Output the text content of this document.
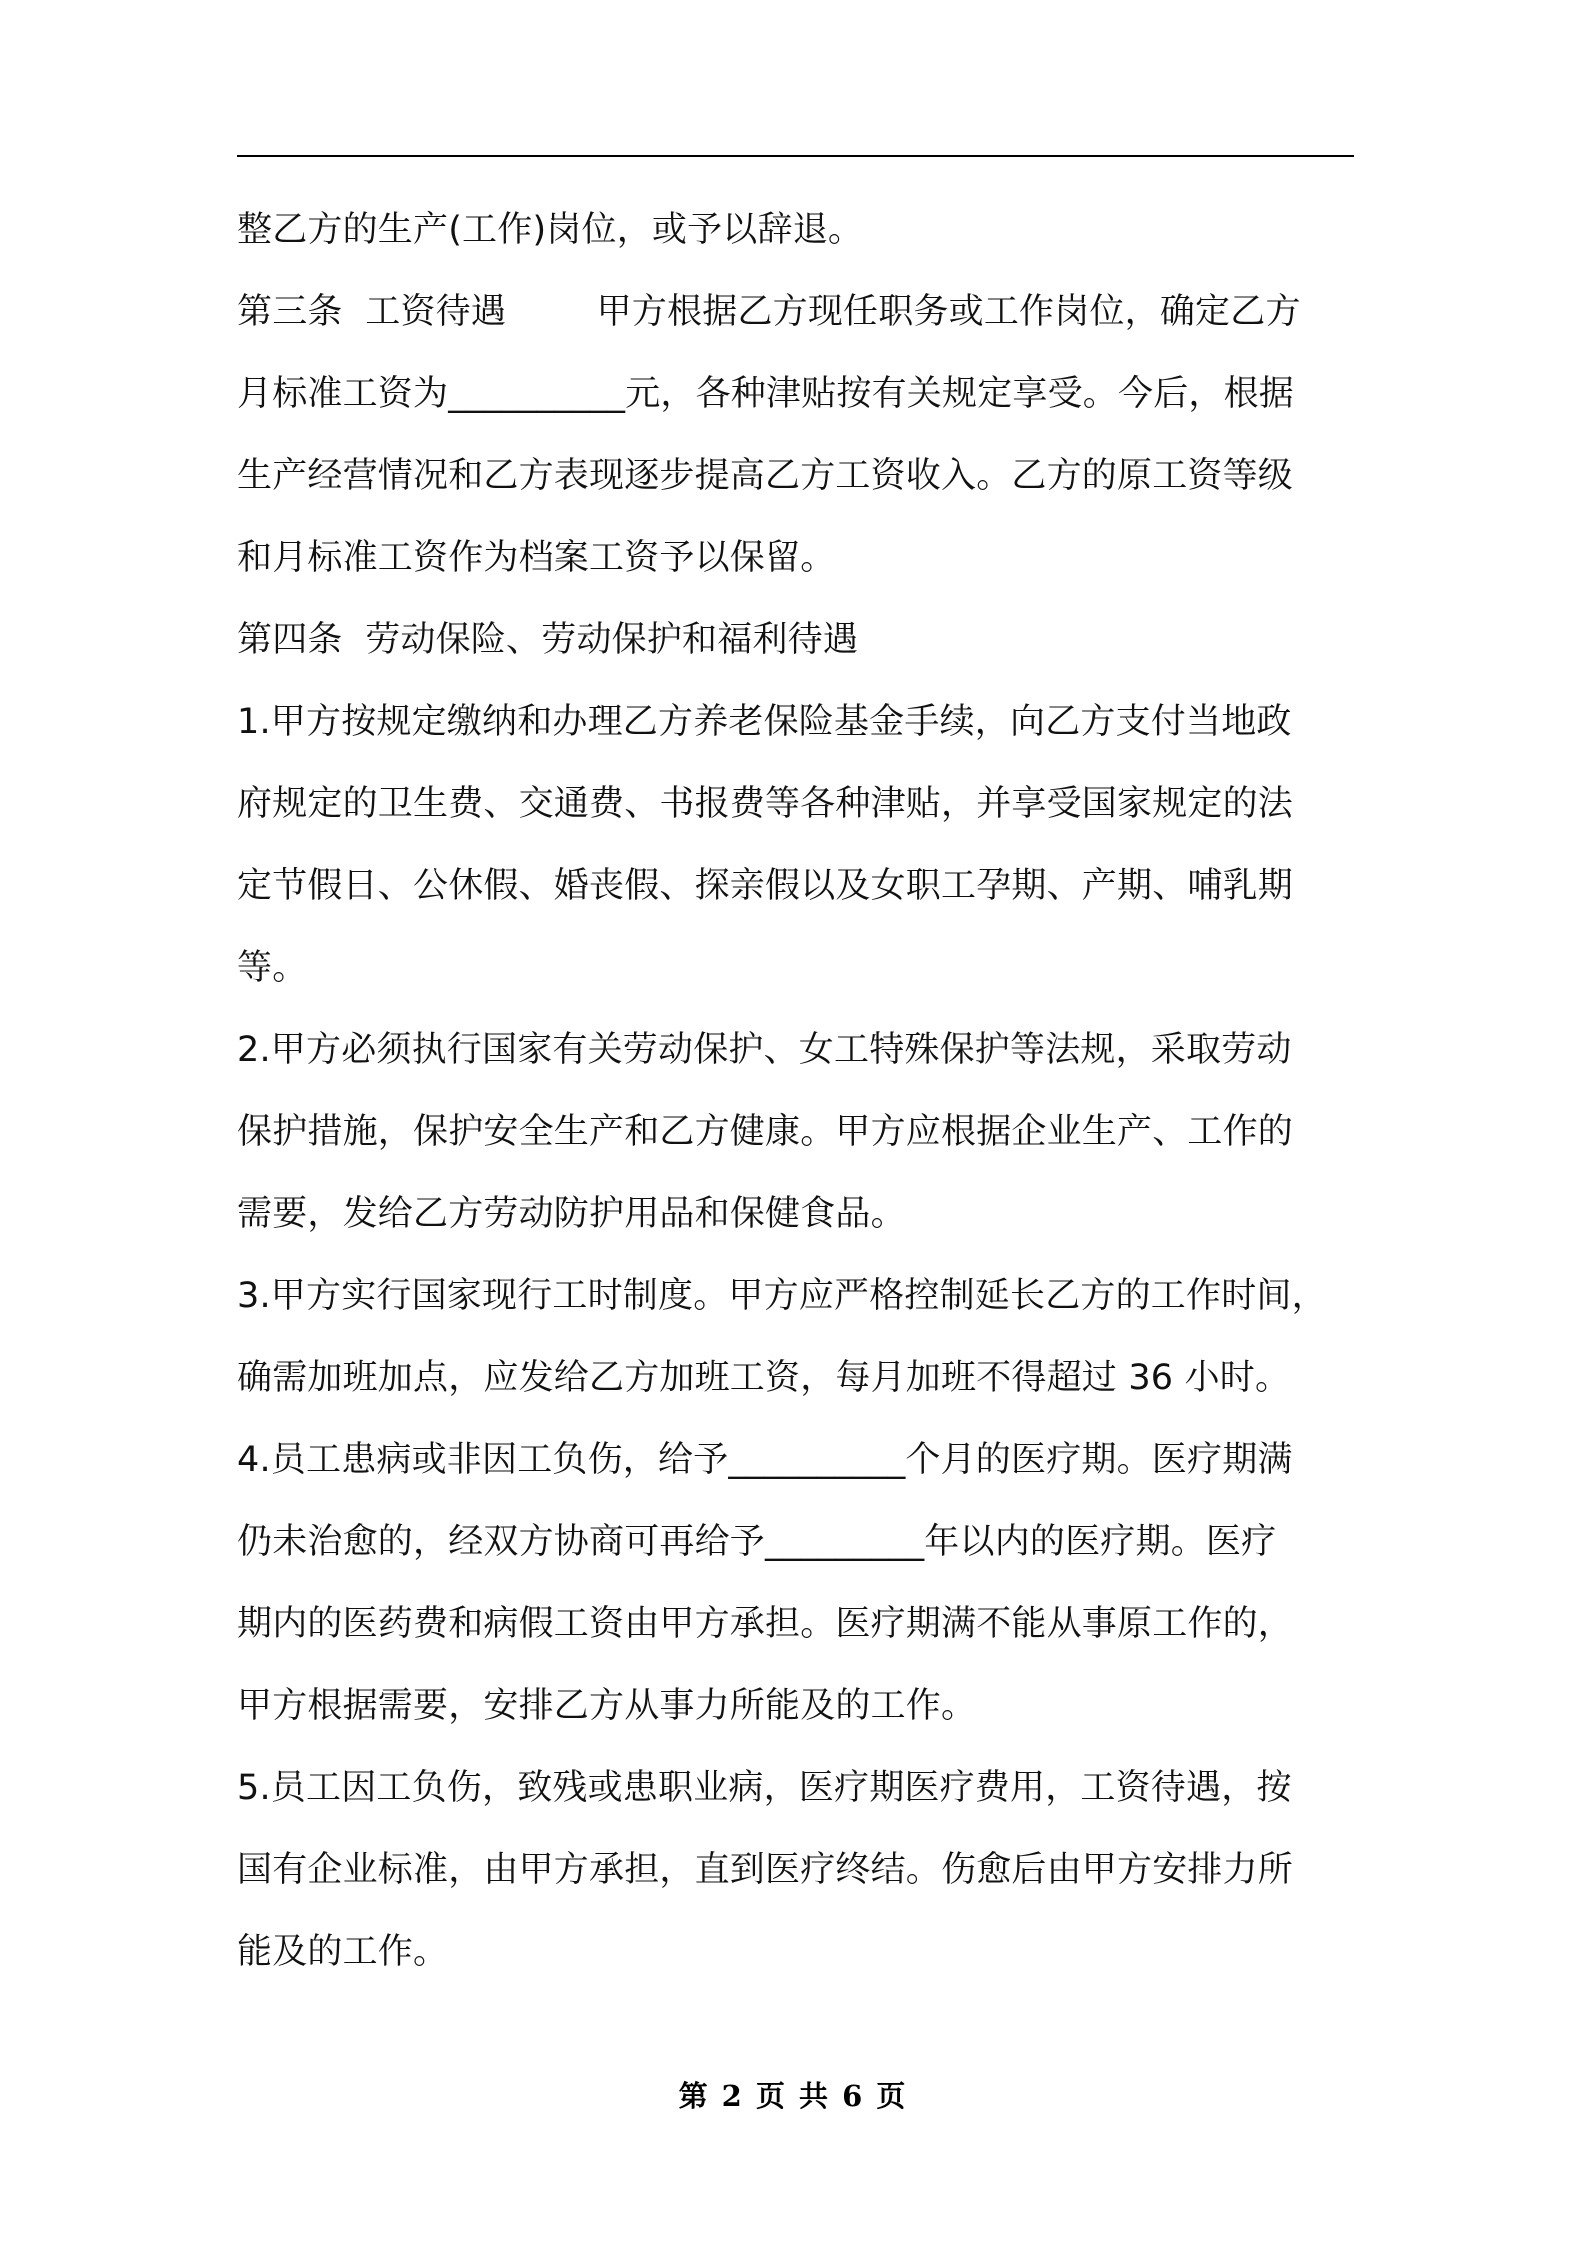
整乙方的生产(工作)岗位，或予以辞退。
第三条  工资待遇        甲方根据乙方现任职务或工作岗位，确定乙方
月标准工资为__________元，各种津贴按有关规定享受。今后，根据
生产经营情况和乙方表现逐步提高乙方工资收入。乙方的原工资等级
和月标准工资作为档案工资予以保留。
第四条  劳动保险、劳动保护和福利待遇
1.甲方按规定缴纳和办理乙方养老保险基金手续，向乙方支付当地政
府规定的卫生费、交通费、书报费等各种津贴，并享受国家规定的法
定节假日、公休假、婚丧假、探亲假以及女职工孕期、产期、哺乳期
等。
2.甲方必须执行国家有关劳动保护、女工特殊保护等法规，采取劳动
保护措施，保护安全生产和乙方健康。甲方应根据企业生产、工作的
需要，发给乙方劳动防护用品和保健食品。
3.甲方实行国家现行工时制度。甲方应严格控制延长乙方的工作时间，
确需加班加点，应发给乙方加班工资，每月加班不得超过 36 小时。
4.员工患病或非因工负伤，给予__________个月的医疗期。医疗期满
仍未治愈的，经双方协商可再给予_________年以内的医疗期。医疗
期内的医药费和病假工资由甲方承担。医疗期满不能从事原工作的，
甲方根据需要，安排乙方从事力所能及的工作。
5.员工因工负伤，致残或患职业病，医疗期医疗费用，工资待遇，按
国有企业标准，由甲方承担，直到医疗终结。伤愈后由甲方安排力所
能及的工作。
第 2 页 共 6 页
